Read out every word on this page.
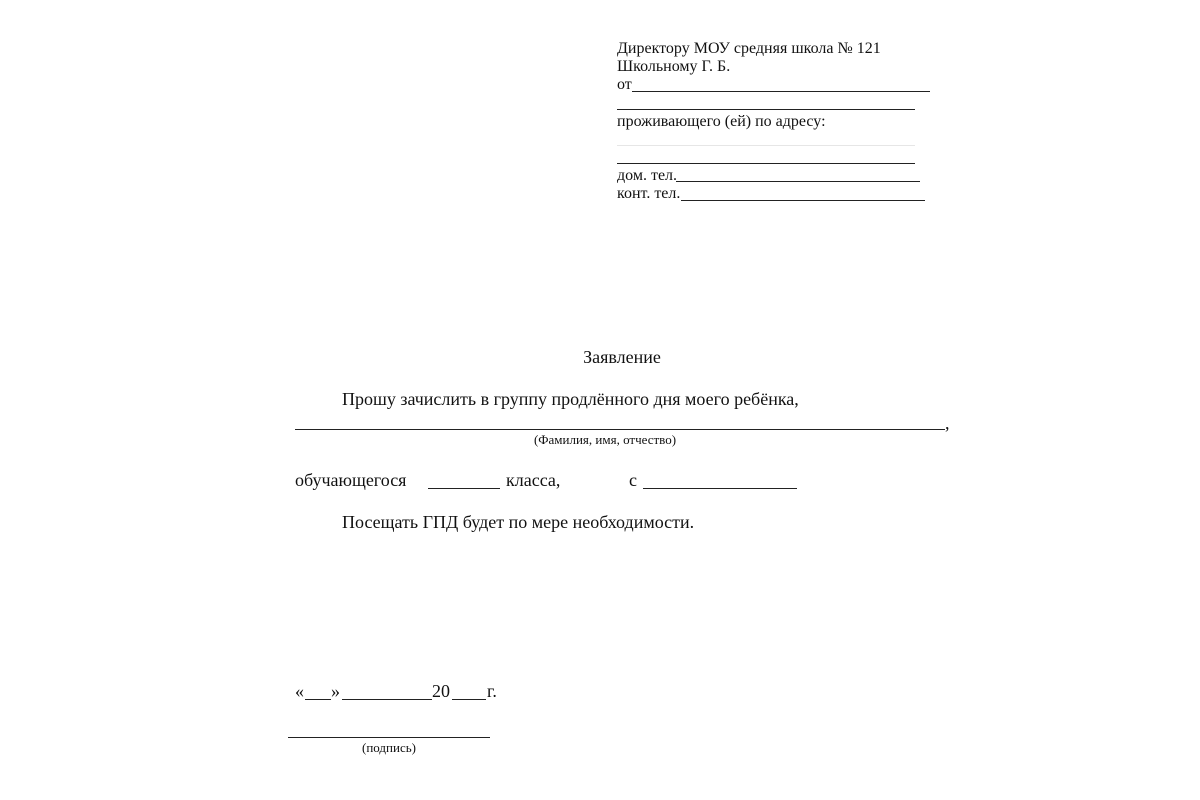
Директору МОУ средняя школа № 121
Школьному Г. Б.
от
проживающего (ей) по адресу:
дом. тел.
конт. тел.
Заявление
Прошу зачислить в группу продлённого дня моего ребёнка,
,
(Фамилия, имя, отчество)
обучающегося	класса,	с
Посещать ГПД будет по мере необходимости.
« »	20 г.
(подпись)
